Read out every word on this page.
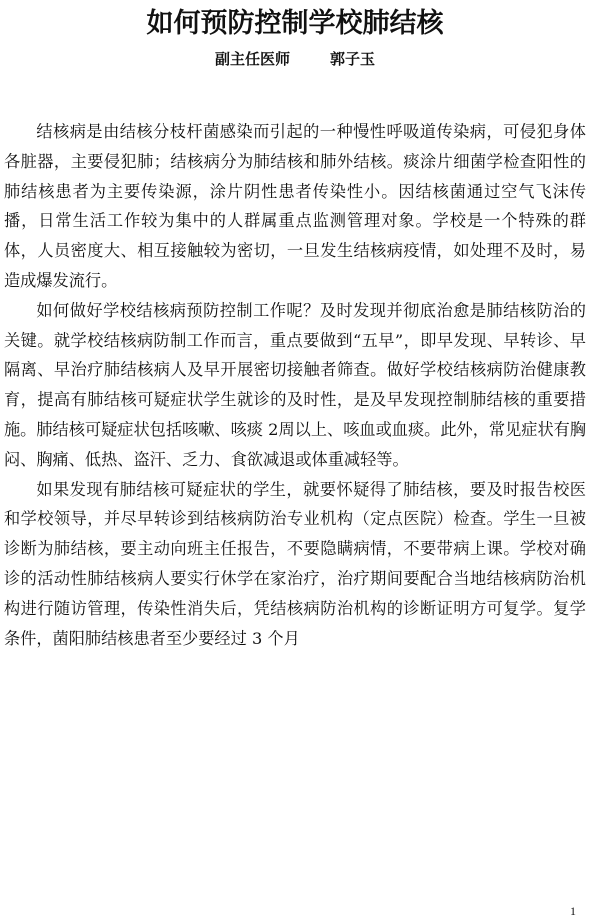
如何预防控制学校肺结核
副主任医师	郭子玉

结核病是由结核分枝杆菌感染而引起的一种慢性呼吸道传染病，可侵犯身体各脏器，主要侵犯肺；结核病分为肺结核和肺外结核。痰涂片细菌学检查阳性的肺结核患者为主要传染源，涂片阴性患者传染性小。因结核菌通过空气飞沫传播，日常生活工作较为集中的人群属重点监测管理对象。学校是一个特殊的群体，人员密度大、相互接触较为密切，一旦发生结核病疫情，如处理不及时，易造成爆发流行。

如何做好学校结核病预防控制工作呢？及时发现并彻底治愈是肺结核防治的关键。就学校结核病防制工作而言，重点要做到“五早”，即早发现、早转诊、早隔离、早治疗肺结核病人及早开展密切接触者筛查。做好学校结核病防治健康教育，提高有肺结核可疑症状学生就诊的及时性，是及早发现控制肺结核的重要措施。肺结核可疑症状包括咳嗽、咳痰 2周以上、咳血或血痰。此外，常见症状有胸闷、胸痛、低热、盗汗、乏力、食欲减退或体重减轻等。

如果发现有肺结核可疑症状的学生，就要怀疑得了肺结核，要及时报告校医和学校领导，并尽早转诊到结核病防治专业机构（定点医院）检查。学生一旦被诊断为肺结核，要主动向班主任报告，不要隐瞒病情，不要带病上课。学校对确诊的活动性肺结核病人要实行休学在家治疗，治疗期间要配合当地结核病防治机构进行随访管理，传染性消失后，凭结核病防治机构的诊断证明方可复学。复学条件，菌阳肺结核患者至少要经过 3 个月

1
